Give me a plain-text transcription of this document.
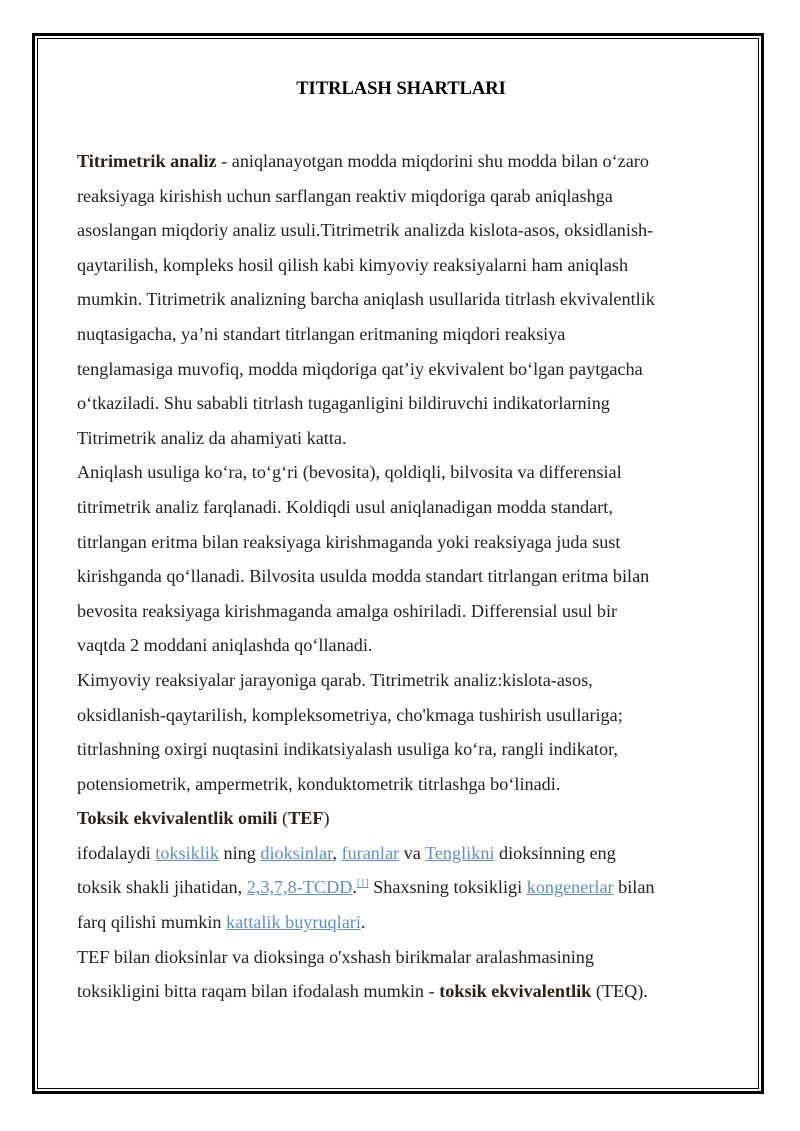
TITRLASH SHARTLARI
Titrimetrik analiz - aniqlanayotgan modda miqdorini shu modda bilan o‘zaro
reaksiyaga kirishish uchun sarflangan reaktiv miqdoriga qarab aniqlashga
asoslangan miqdoriy analiz usuli.Titrimetrik analizda kislota-asos, oksidlanish-
qaytarilish, kompleks hosil qilish kabi kimyoviy reaksiyalarni ham aniqlash
mumkin. Titrimetrik analizning barcha aniqlash usullarida titrlash ekvivalentlik
nuqtasigacha, ya’ni standart titrlangan eritmaning miqdori reaksiya
tenglamasiga muvofiq, modda miqdoriga qat’iy ekvivalent bo‘lgan paytgacha
o‘tkaziladi. Shu sababli titrlash tugaganligini bildiruvchi indikatorlarning
Titrimetrik analiz da ahamiyati katta.
Aniqlash usuliga ko‘ra, to‘g‘ri (bevosita), qoldiqli, bilvosita va differensial
titrimetrik analiz farqlanadi. Koldiqdi usul aniqlanadigan modda standart,
titrlangan eritma bilan reaksiyaga kirishmaganda yoki reaksiyaga juda sust
kirishganda qo‘llanadi. Bilvosita usulda modda standart titrlangan eritma bilan
bevosita reaksiyaga kirishmaganda amalga oshiriladi. Differensial usul bir
vaqtda 2 moddani aniqlashda qo‘llanadi.
Kimyoviy reaksiyalar jarayoniga qarab. Titrimetrik analiz:kislota-asos,
oksidlanish-qaytarilish, kompleksometriya, cho'kmaga tushirish usullariga;
titrlashning oxirgi nuqtasini indikatsiyalash usuliga ko‘ra, rangli indikator,
potensiometrik, ampermetrik, konduktometrik titrlashga bo‘linadi.
Toksik ekvivalentlik omili (TEF)
ifodalaydi toksiklik ning dioksinlar, furanlar va Tenglikni dioksinning eng
toksik shakli jihatidan, 2,3,7,8-TCDD.[1] Shaxsning toksikligi kongenerlar bilan
farq qilishi mumkin kattalik buyruqlari.
TEF bilan dioksinlar va dioksinga o'xshash birikmalar aralashmasining
toksikligini bitta raqam bilan ifodalash mumkin - toksik ekvivalentlik (TEQ).
